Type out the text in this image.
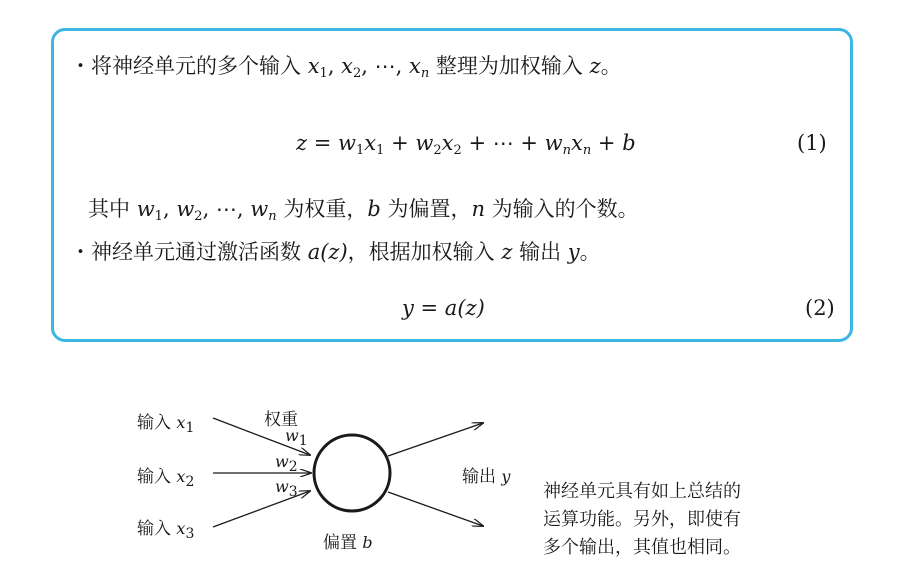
・将神经单元的多个输入 $x_1$, $x_2$, ⋯, $x_n$ 整理为加权输入 z。
$z = w_1x_1 + w_2x_2$ + ⋯ + $w_nx_n + b$	(1)
其中 $w_1$, $w_2$, ⋯, $w_n$ 为权重，b 为偏置，n 为输入的个数。
・神经单元通过激活函数 a(z)，根据加权输入 z 输出 y。
y = a(z)	(2)
输入 $x_1$
输入 $x_2$
输入 $x_3$
权重
$w_1$
$w_2$
$w_3$
偏置 b
输出 y
神经单元具有如上总结的
运算功能。另外，即使有
多个输出，其值也相同。
